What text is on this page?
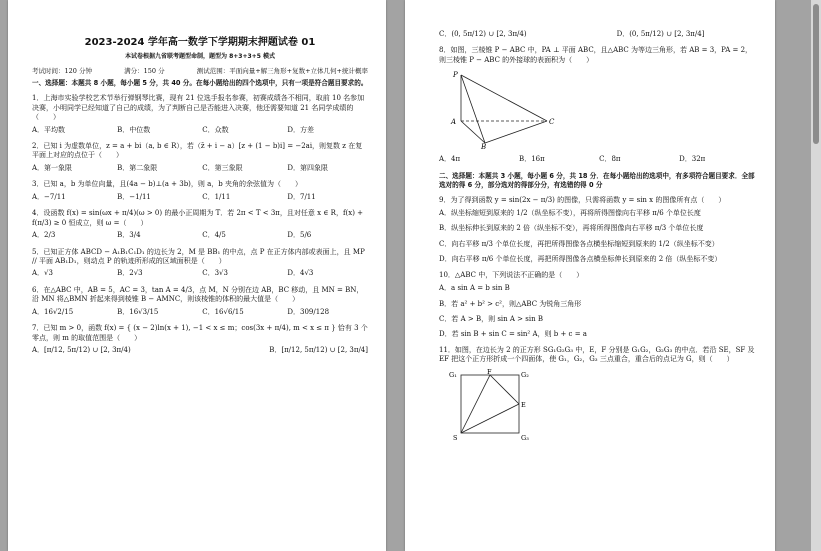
2023-2024 学年高一数学下学期期末押题试卷 01
本试卷根据九省联考题型命制，题型为 8+3+3+5 模式
考试时间：120 分钟	满分：150 分	测试范围：平面向量+解三角形+复数+立体几何+统计概率
一、选择题：本题共 8 小题，每小题 5 分，共 40 分。在每小题给出的四个选项中，只有一项是符合题目要求的。

1．上海市实验学校艺术节举行弹钢琴比赛，现有 21 位选手报名参赛，初赛成绩各不相同，取前 10 名参加决赛，小明同学已经知道了自己的成绩，为了判断自己是否能进入决赛，他还需要知道 21 名同学成绩的（　　）

A．平均数	B．中位数	C．众数	D．方差

2．已知 i 为虚数单位，z = a + bi（a, b ∈ R），若（z̄ + i − a）[z + (1 − b)i] = −2ai，则复数 z 在复平面上对应的点位于（　　）

A．第一象限	B．第二象限	C．第三象限	D．第四象限

3．已知 a，b 为单位向量，且(4a − b)⊥(a + 3b)，则 a，b 夹角的余弦值为（　　）

A．−7/11	B．−1/11	C．1/11	D．7/11

4．设函数 f(x) = sin(ωx + π/4)(ω > 0) 的最小正周期为 T．若 2π < T < 3π，且对任意 x ∈ R，f(x) + f(π/3) ≥ 0 恒成立，则 ω =（　　）

A．2/3	B．3/4	C．4/5	D．5/6

5．已知正方体 ABCD − A₁B₁C₁D₁ 的边长为 2，M 是 BB₁ 的中点，点 P 在正方体内部或表面上，且 MP // 平面 AB₁D₁，则动点 P 的轨迹所形成的区域面积是（　　）

A．√3	B．2√3	C．3√3	D．4√3

6．在△ABC 中，AB = 5，AC = 3，tan A = 4/3，点 M，N 分别在边 AB，BC 移动，且 MN = BN，沿 MN 将△BMN 折起来得到棱锥 B − AMNC，则该棱锥的体积的最大值是（　　）

A．16√2/15	B．16√3/15	C．16√6/15	D．309/128

7．已知 m > 0，函数 f(x) = { (x − 2)ln(x + 1), −1 < x ≤ m；cos(3x + π/4), m < x ≤ π } 恰有 3 个零点，则 m 的取值范围是（　　）

A．[π/12, 5π/12) ∪ [2, 3π/4)	B．[π/12, 5π/12) ∪ [2, 3π/4]
C．(0, 5π/12) ∪ [2, 3π/4)	D．(0, 5π/12) ∪ [2, 3π/4]

8．如图，三棱锥 P − ABC 中，PA ⊥ 平面 ABC，且△ABC 为等边三角形，若 AB = 3，PA = 2，则三棱锥 P − ABC 的外接球的表面积为（　　）

P
A
B
C
A．4π	B．16π	C．8π	D．32π
二、选择题：本题共 3 小题，每小题 6 分，共 18 分．在每小题给出的选项中，有多项符合题目要求．全部选对的得 6 分，部分选对的得部分分，有选错的得 0 分

9．为了得到函数 y = sin(2x − π/3) 的图像，只需将函数 y = sin x 的图像所有点（　　）

A．纵坐标缩短到原来的 1/2（纵坐标不变），再将所得图像向右平移 π/6 个单位长度
B．纵坐标伸长到原来的 2 倍（纵坐标不变），再将所得图像向右平移 π/3 个单位长度
C．向右平移 π/3 个单位长度，再把所得图像各点横坐标缩短到原来的 1/2（纵坐标不变）
D．向右平移 π/6 个单位长度，再把所得图像各点横坐标伸长到原来的 2 倍（纵坐标不变）

10．△ABC 中，下列说法不正确的是（　　）

A．a sin A = b sin B
B．若 a² + b² > c²，则△ABC 为锐角三角形
C．若 A > B，则 sin A > sin B
D．若 sin B + sin C = sin² A，则 b + c = a

11．如图，在边长为 2 的正方形 SG₁G₂G₃ 中，E，F 分别是 G₁G₂，G₂G₃ 的中点．若沿 SE，SF 及 EF 把这个正方形折成一个四面体，使 G₁，G₂，G₃ 三点重合，重合后的点记为 G，则（　　）

G₁	F	G₂
E
S	G₃
